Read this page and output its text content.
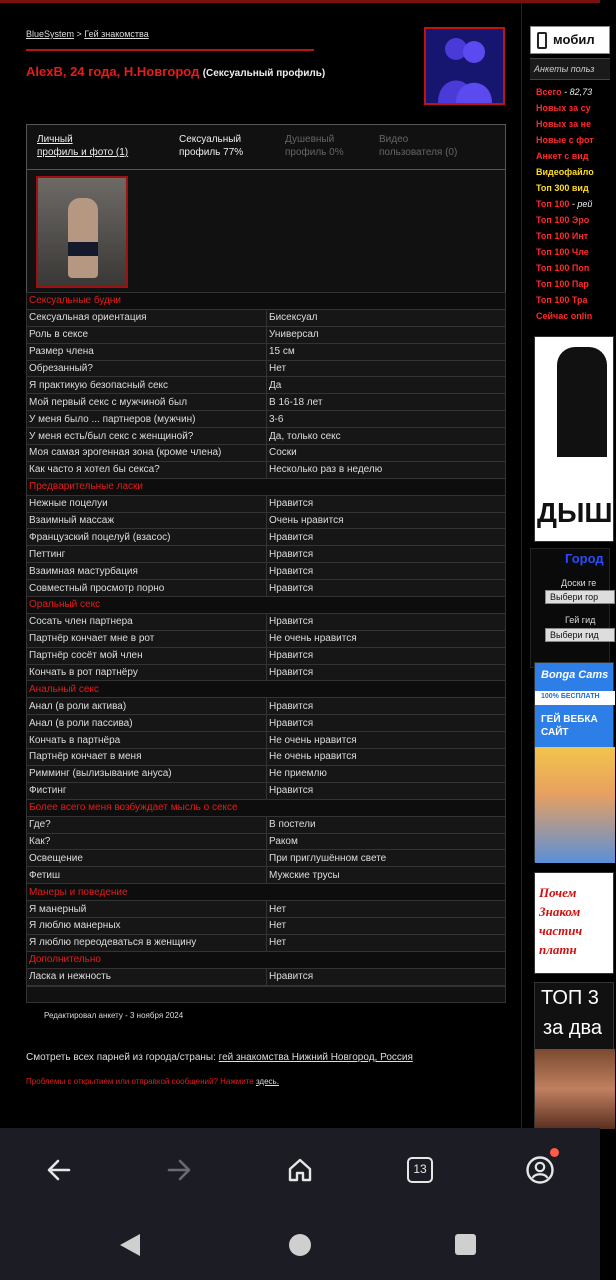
BlueSystem > Гей знакомства
AlexB, 24 года, Н.Новгород (Сексуальный профиль)
Личный
профиль и фото (1)
Сексуальный
профиль 77%
Душевный
профиль 0%
Видео
пользователя (0)
Сексуальные будни	
Сексуальная ориентация	Бисексуал
Роль в сексе	Универсал
Размер члена	15 см
Обрезанный?	Нет
Я практикую безопасный секс	Да
Мой первый секс с мужчиной был	В 16-18 лет
У меня было ... партнеров (мужчин)	3-6
У меня есть/был секс с женщиной?	Да, только секс
Моя самая эрогенная зона (кроме члена)	Соски
Как часто я хотел бы секса?	Несколько раз в неделю
Предварительные ласки	
Нежные поцелуи	Нравится
Взаимный массаж	Очень нравится
Французский поцелуй (взасос)	Нравится
Петтинг	Нравится
Взаимная мастурбация	Нравится
Совместный просмотр порно	Нравится
Оральный секс	
Сосать член партнера	Нравится
Партнёр кончает мне в рот	Не очень нравится
Партнёр сосёт мой член	Нравится
Кончать в рот партнёру	Нравится
Анальный секс	
Анал (в роли актива)	Нравится
Анал (в роли пассива)	Нравится
Кончать в партнёра	Не очень нравится
Партнёр кончает в меня	Не очень нравится
Римминг (вылизывание ануса)	Не приемлю
Фистинг	Нравится
Более всего меня возбуждает мысль о сексе	
Где?	В постели
Как?	Раком
Освещение	При приглушённом свете
Фетиш	Мужские трусы
Манеры и поведение	
Я манерный	Нет
Я люблю манерных	Нет
Я люблю переодеваться в женщину	Нет
Дополнительно	
Ласка и нежность	Нравится
Редактировал анкету - 3 ноября 2024
Смотреть всех парней из города/страны: гей знакомства Нижний Новгород, Россия
Проблемы с открытием или отправкой сообщений? Нажмите здесь.
мобил
Анкеты польз
Всего - 82,73
Новых за су
Новых за не
Новые с фот
Анкет с вид
Видеофайло
Топ 300 вид
Топ 100 - рей
Топ 100 Эро
Топ 100 Инт
Топ 100 Чле
Топ 100 Поп
Топ 100 Пар
Топ 100 Тра
Сейчас onlin
ДЫШ
Город
Доски ге
Выбери гор
Гей гид
Выбери гид
Bonga Cams
100% БЕСПЛАТН
ГЕЙ ВЕБКА
САЙТ
Почем
Знаком
частич
платн
ТОП 3
за два
13
